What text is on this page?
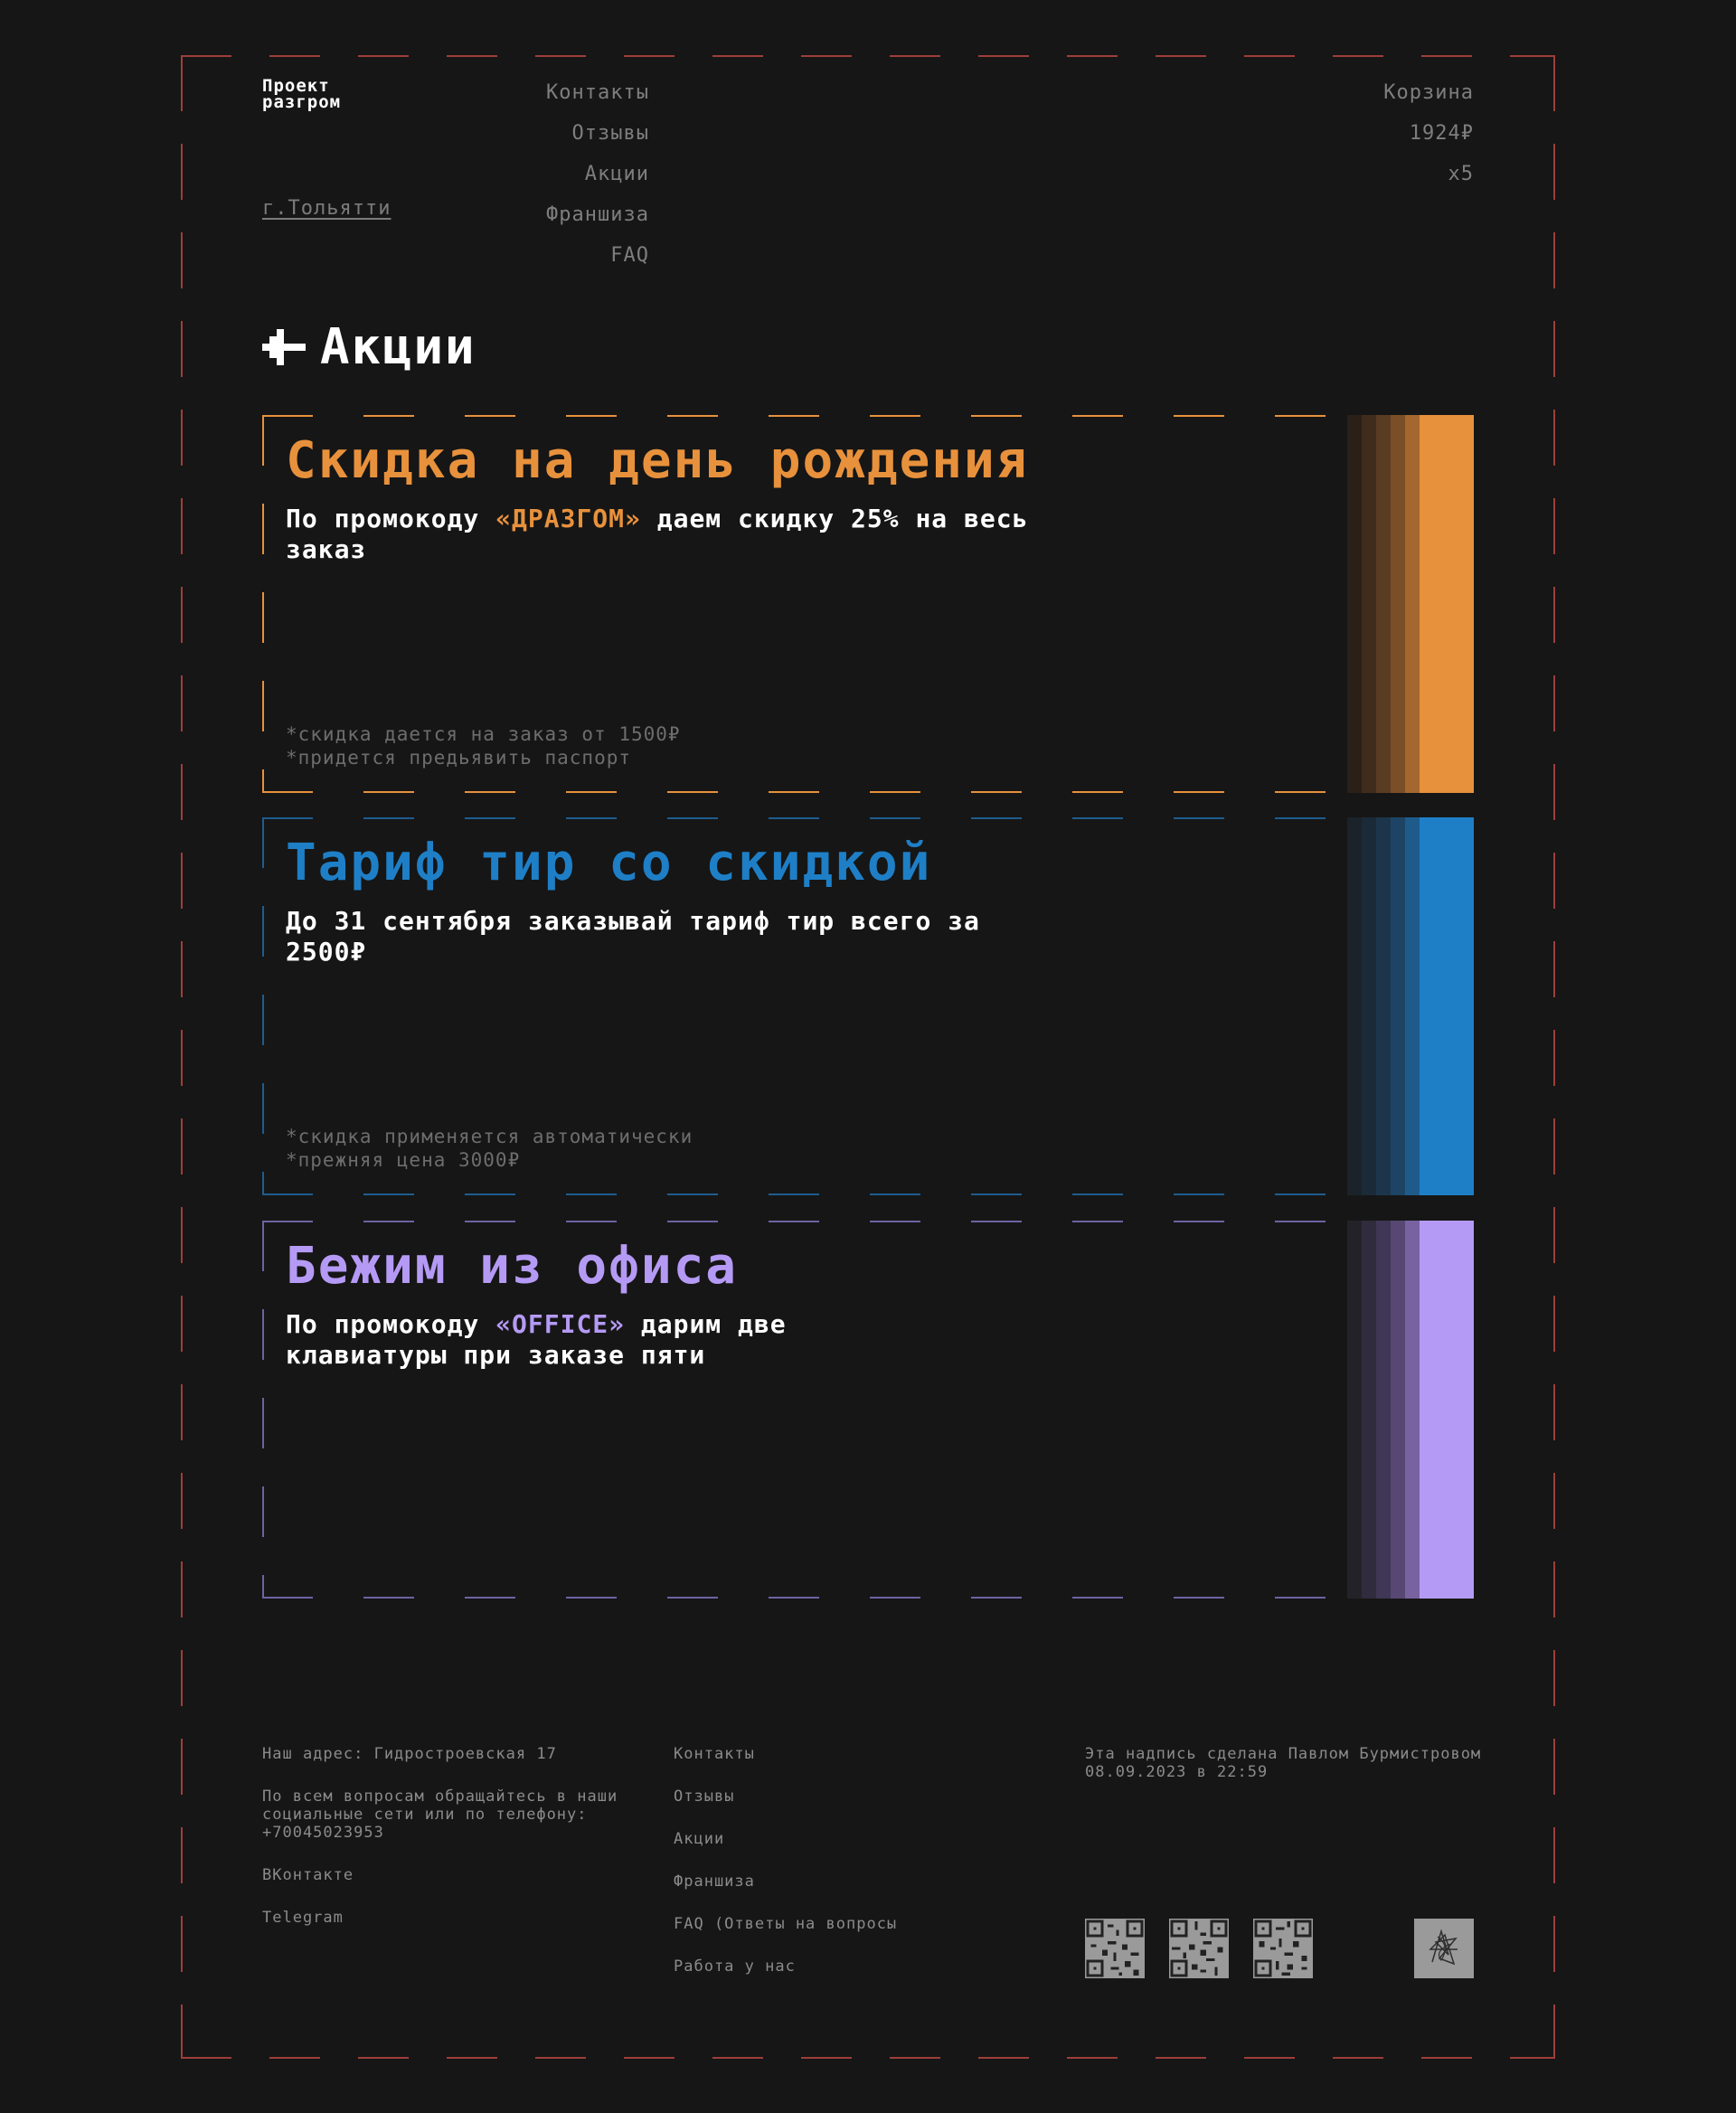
Проект
разгром
г.Тольятти
Контакты
Отзывы
Акции
Франшиза
FAQ
Корзина
1924₽
x5
Акции
Скидка на день рождения
По промокоду «ДРАЗГОМ» даем скидку 25% на весь заказ
*скидка дается на заказ от 1500₽
*придется предьявить паспорт
Тариф тир со скидкой
До 31 сентября заказывай тариф тир всего за 2500₽
*скидка применяется автоматически
*прежняя цена 3000₽
Бежим из офиса
По промокоду «OFFICE» дарим две клавиатуры при заказе пяти
Наш адрес: Гидростроевская 17
По всем вопросам обращайтесь в наши социальные сети или по телефону: +70045023953
ВКонтакте
Telegram
Контакты
Отзывы
Акции
Франшиза
FAQ (Ответы на вопросы
Работа у нас
Эта надпись сделана Павлом Бурмистровом 08.09.2023 в 22:59
